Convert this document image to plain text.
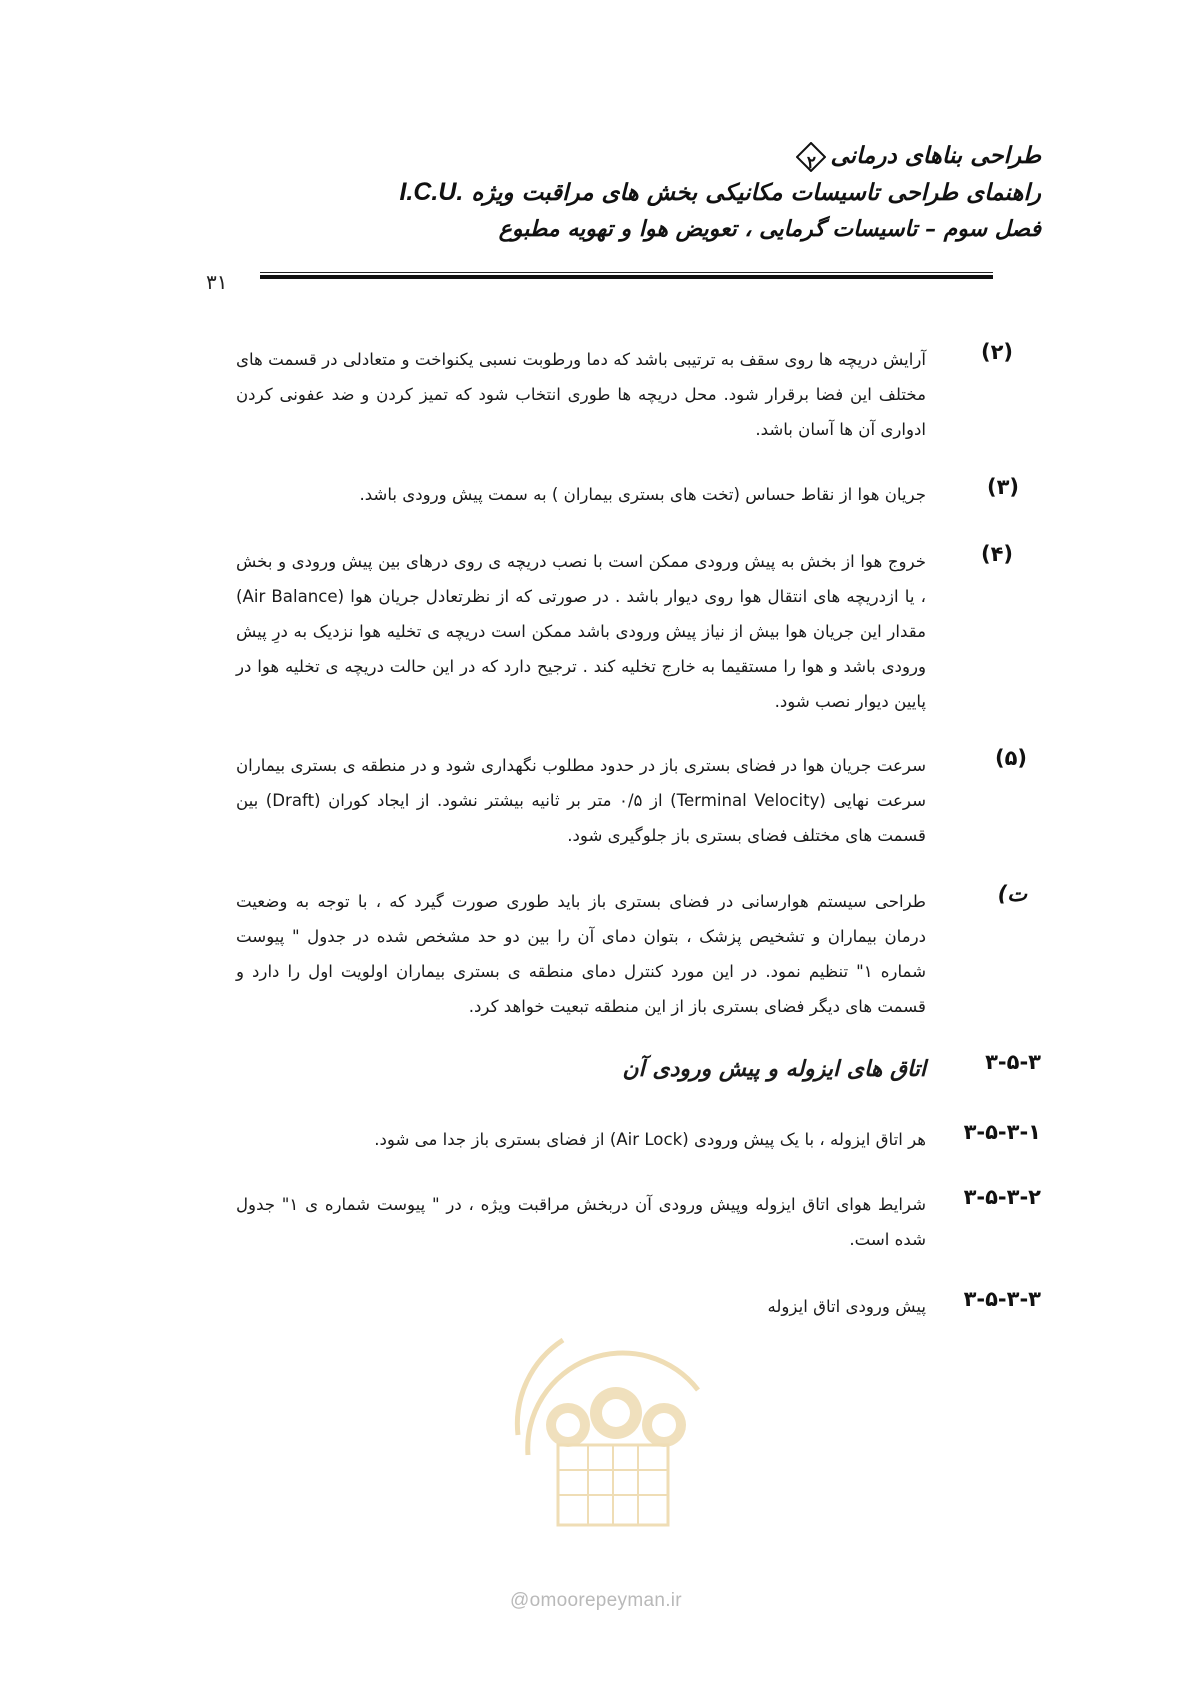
طراحی بناهای درمانی
۲
راهنمای طراحی تاسیسات مکانیکی بخش های مراقبت ویژه I.C.U.
فصل سوم – تاسیسات گرمایی ، تعویض هوا و تهویه مطبوع
۳۱
(۲)
آرایش دریچه ها روی سقف به ترتیبی باشد که دما ورطوبت نسبی یکنواخت و متعادلی در قسمت های مختلف این فضا برقرار شود. محل دریچه ها طوری انتخاب شود که تمیز کردن و ضد عفونی کردن ادواری آن ها آسان باشد.
(۳)
جریان هوا از نقاط حساس (تخت های بستری بیماران ) به سمت پیش ورودی باشد.
(۴)
خروج هوا از بخش به پیش ورودی ممکن است با نصب دریچه ی روی درهای بین پیش ورودی و بخش ، یا ازدریچه های انتقال هوا روی دیوار باشد . در صورتی که از نظرتعادل جریان هوا (Air Balance) مقدار این جریان هوا بیش از نیاز پیش ورودی باشد ممکن است دریچه ی تخلیه هوا نزدیک به درِ پیش ورودی باشد و هوا را مستقیما به خارج تخلیه کند . ترجیح دارد که در این حالت دریچه ی تخلیه هوا در پایین دیوار نصب شود.
(۵)
سرعت جریان هوا در فضای بستری باز در حدود مطلوب نگهداری شود و در منطقه ی بستری بیماران سرعت نهایی (Terminal Velocity) از ۰/۵ متر بر ثانیه بیشتر نشود. از ایجاد کوران (Draft) بین قسمت های مختلف فضای بستری باز جلوگیری شود.
ت)
طراحی سیستم هوارسانی در فضای بستری باز باید طوری صورت گیرد که ، با توجه به وضعیت درمان بیماران و تشخیص پزشک ، بتوان دمای آن را بین دو حد مشخص شده در جدول " پیوست شماره ۱" تنظیم نمود. در این مورد کنترل دمای منطقه ی بستری بیماران اولویت اول را دارد و قسمت های دیگر فضای بستری باز از این منطقه تبعیت خواهد کرد.
۳-۵-۳
اتاق های ایزوله و پیش ورودی آن
۳-۵-۳-۱
هر اتاق ایزوله ، با یک پیش ورودی (Air Lock) از فضای بستری باز جدا می شود.
۳-۵-۳-۲
شرایط هوای اتاق ایزوله وپیش ورودی آن دربخش مراقبت ویژه ، در " پیوست شماره ی ۱" جدول شده است.
۳-۵-۳-۳
پیش ورودی اتاق ایزوله
@omoorepeyman.ir
